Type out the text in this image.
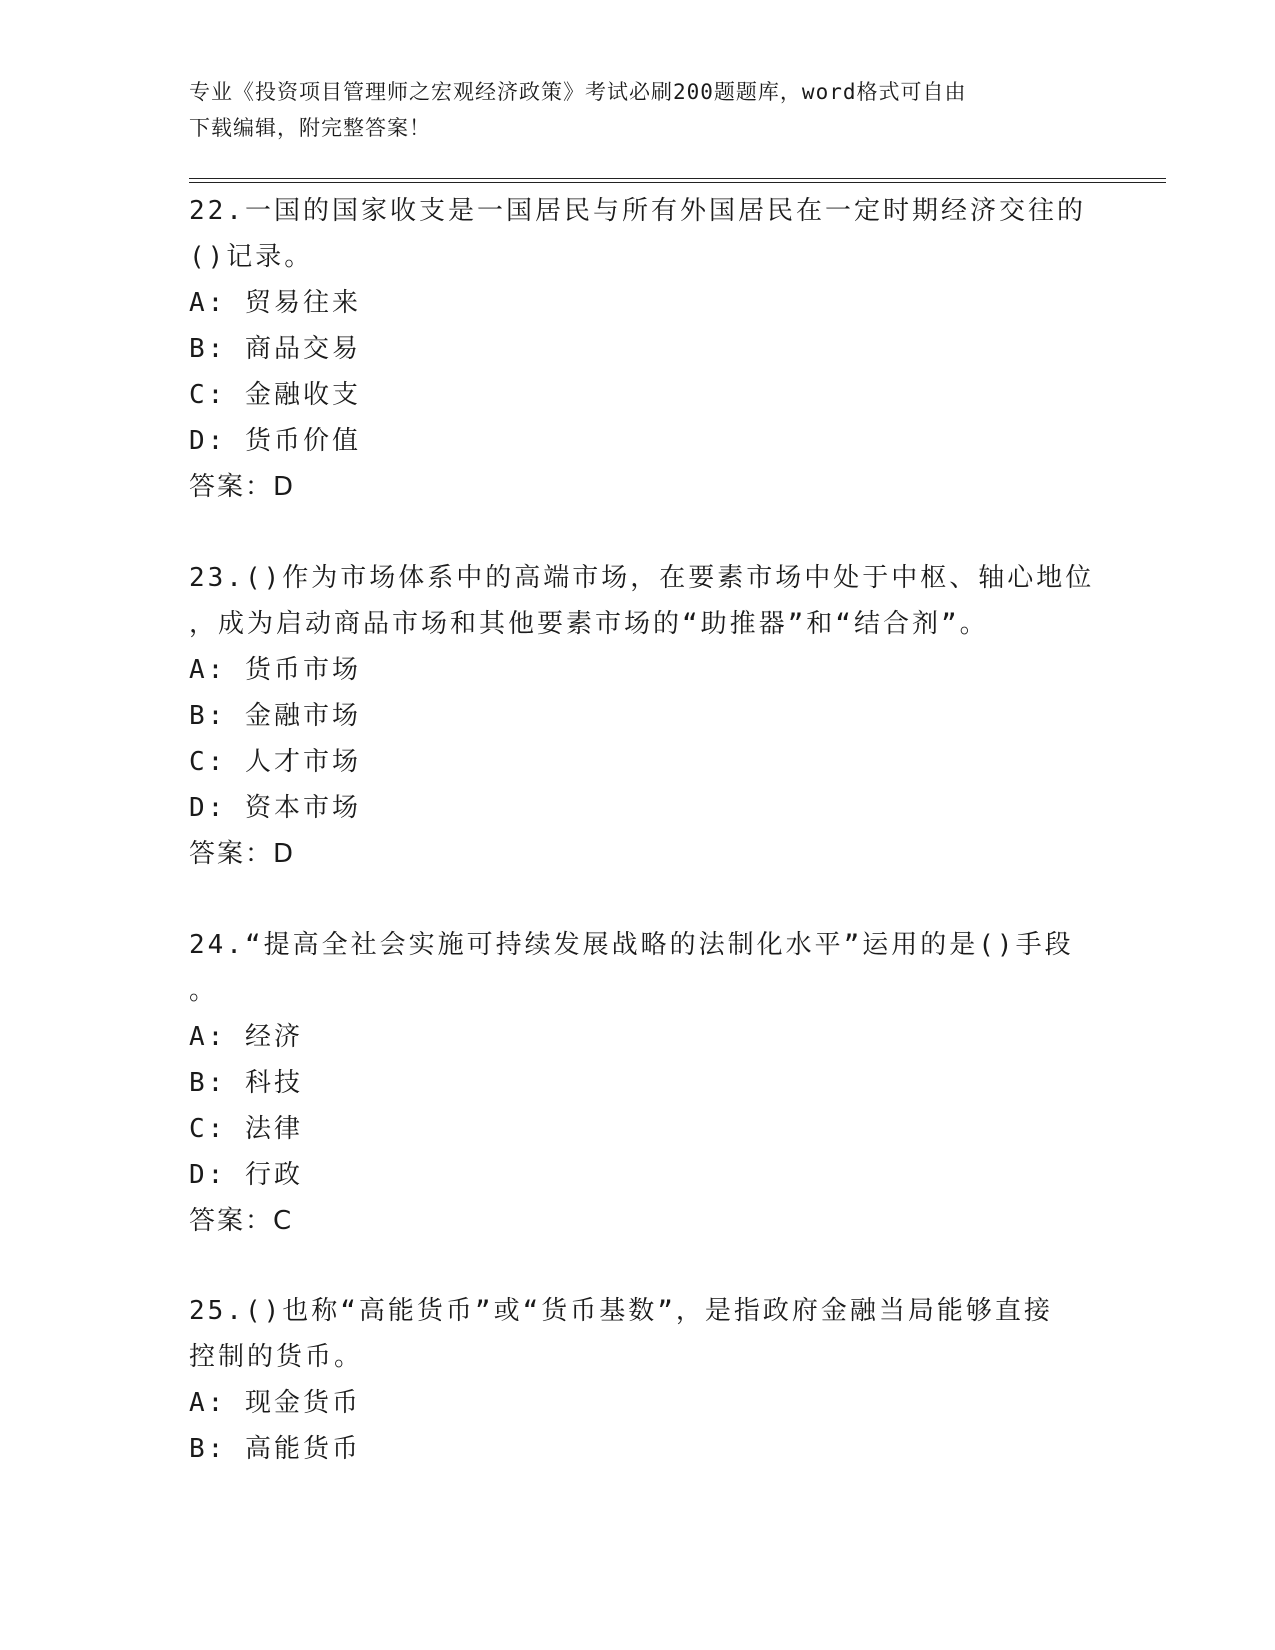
专业《投资项目管理师之宏观经济政策》考试必刷200题题库，word格式可自由
下载编辑，附完整答案！
22.一国的国家收支是一国居民与所有外国居民在一定时期经济交往的
()记录。
A: 贸易往来
B: 商品交易
C: 金融收支
D: 货币价值
答案：D
23.()作为市场体系中的高端市场，在要素市场中处于中枢、轴心地位
，成为启动商品市场和其他要素市场的“助推器”和“结合剂”。
A: 货币市场
B: 金融市场
C: 人才市场
D: 资本市场
答案：D
24.“提高全社会实施可持续发展战略的法制化水平”运用的是()手段
。
A: 经济
B: 科技
C: 法律
D: 行政
答案：C
25.()也称“高能货币”或“货币基数”，是指政府金融当局能够直接
控制的货币。
A: 现金货币
B: 高能货币
